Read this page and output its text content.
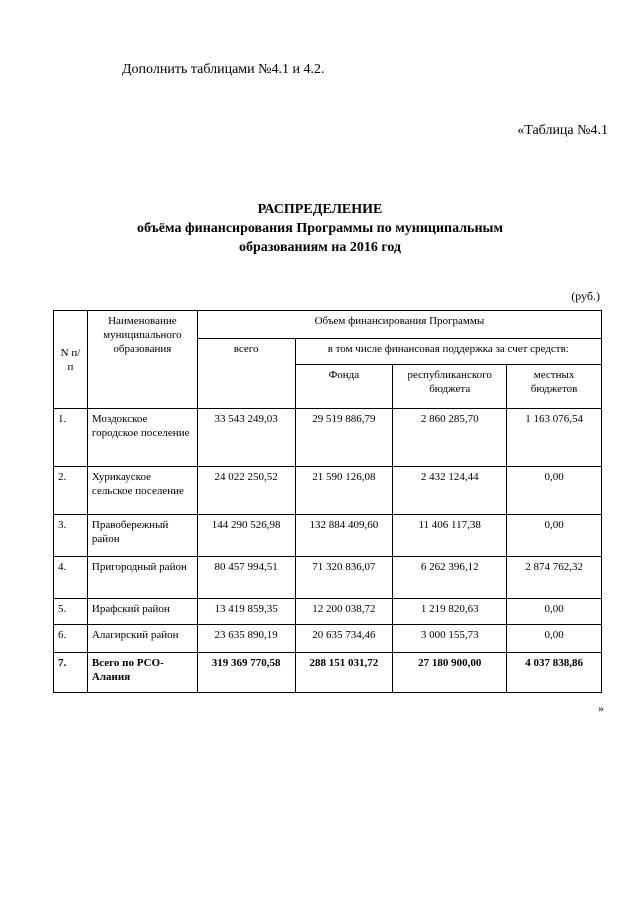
Дополнить таблицами №4.1 и 4.2.
«Таблица №4.1
РАСПРЕДЕЛЕНИЕ

объёма финансирования Программы по муниципальным
образованиям на 2016 год
(руб.)
N п/п	Наименование муниципального образования	Объем финансирования Программы			
		всего	в том числе финансовая поддержка за счет средств:		
			Фонда	республиканского бюджета	местных бюджетов
1.	Моздокское городское поселение	33 543 249,03	29 519 886,79	2 860 285,70	1 163 076,54
2.	Хурикауское сельское поселение	24 022 250,52	21 590 126,08	2 432 124,44	0,00
3.	Правобережный район	144 290 526,98	132 884 409,60	11 406 117,38	0,00
4.	Пригородный район	80 457 994,51	71 320 836,07	6 262 396,12	2 874 762,32
5.	Ирафский район	13 419 859,35	12 200 038,72	1 219 820,63	0,00
6.	Алагирский район	23 635 890,19	20 635 734,46	3 000 155,73	0,00
7.	Всего по РСО-Алания	319 369 770,58	288 151 031,72	27 180 900,00	4 037 838,86
»
